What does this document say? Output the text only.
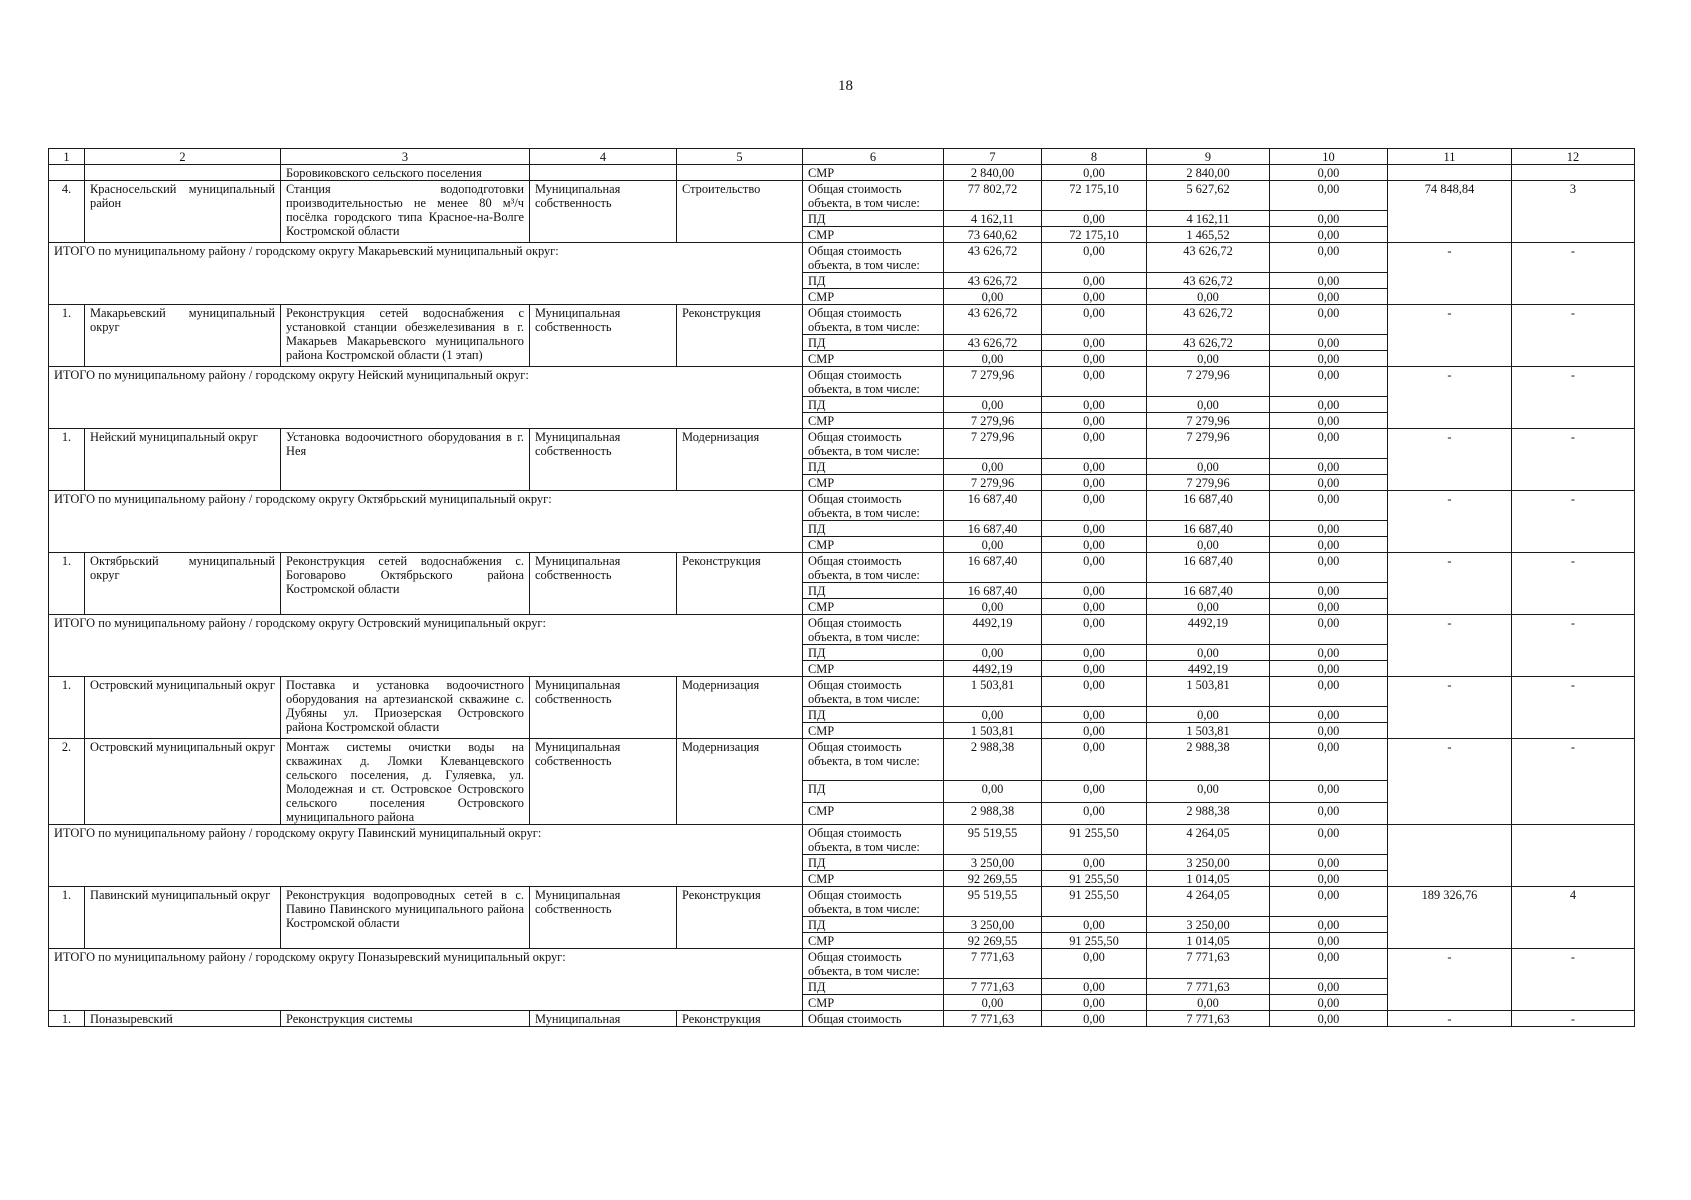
18
1	2	3	4	5	6	7	8	9	10	11	12
		Боровиковского сельского поселения			СМР	2 840,00	0,00	2 840,00	0,00		
4.	Красносельский муниципальный район	Станция водоподготовки производительностью не менее 80 м³/ч посёлка городского типа Красное-на-Волге Костромской области	Муниципальная собственность	Строительство	Общая стоимость объекта, в том числе:	77 802,72	72 175,10	5 627,62	0,00	74 848,84	3
					ПД	4 162,11	0,00	4 162,11	0,00		
					СМР	73 640,62	72 175,10	1 465,52	0,00		
ИТОГО по муниципальному району / городскому округу Макарьевский муниципальный округ:					Общая стоимость объекта, в том числе:	43 626,72	0,00	43 626,72	0,00	-	-
					ПД	43 626,72	0,00	43 626,72	0,00		
					СМР	0,00	0,00	0,00	0,00		
1.	Макарьевский муниципальный округ	Реконструкция сетей водоснабжения с установкой станции обезжелезивания в г. Макарьев Макарьевского муниципального района Костромской области (1 этап)	Муниципальная собственность	Реконструкция	Общая стоимость объекта, в том числе:	43 626,72	0,00	43 626,72	0,00	-	-
					ПД	43 626,72	0,00	43 626,72	0,00		
					СМР	0,00	0,00	0,00	0,00		
ИТОГО по муниципальному району / городскому округу Нейский муниципальный округ:					Общая стоимость объекта, в том числе:	7 279,96	0,00	7 279,96	0,00	-	-
					ПД	0,00	0,00	0,00	0,00		
					СМР	7 279,96	0,00	7 279,96	0,00		
1.	Нейский муниципальный округ	Установка водоочистного оборудования в г. Нея	Муниципальная собственность	Модернизация	Общая стоимость объекта, в том числе:	7 279,96	0,00	7 279,96	0,00	-	-
					ПД	0,00	0,00	0,00	0,00		
					СМР	7 279,96	0,00	7 279,96	0,00		
ИТОГО по муниципальному району / городскому округу Октябрьский муниципальный округ:					Общая стоимость объекта, в том числе:	16 687,40	0,00	16 687,40	0,00	-	-
					ПД	16 687,40	0,00	16 687,40	0,00		
					СМР	0,00	0,00	0,00	0,00		
1.	Октябрьский муниципальный округ	Реконструкция сетей водоснабжения с. Боговарово Октябрьского района Костромской области	Муниципальная собственность	Реконструкция	Общая стоимость объекта, в том числе:	16 687,40	0,00	16 687,40	0,00	-	-
					ПД	16 687,40	0,00	16 687,40	0,00		
					СМР	0,00	0,00	0,00	0,00		
ИТОГО по муниципальному району / городскому округу Островский муниципальный округ:					Общая стоимость объекта, в том числе:	4492,19	0,00	4492,19	0,00	-	-
					ПД	0,00	0,00	0,00	0,00		
					СМР	4492,19	0,00	4492,19	0,00		
1.	Островский муниципальный округ	Поставка и установка водоочистного оборудования на артезианской скважине с. Дубяны ул. Приозерская Островского района Костромской области	Муниципальная собственность	Модернизация	Общая стоимость объекта, в том числе:	1 503,81	0,00	1 503,81	0,00	-	-
					ПД	0,00	0,00	0,00	0,00		
					СМР	1 503,81	0,00	1 503,81	0,00		
2.	Островский муниципальный округ	Монтаж системы очистки воды на скважинах д. Ломки Клеванцевского сельского поселения, д. Гуляевка, ул. Молодежная и ст. Островское Островского сельского поселения Островского муниципального района	Муниципальная собственность	Модернизация	Общая стоимость объекта, в том числе:	2 988,38	0,00	2 988,38	0,00	-	-
					ПД	0,00	0,00	0,00	0,00		
					СМР	2 988,38	0,00	2 988,38	0,00		
ИТОГО по муниципальному району / городскому округу Павинский муниципальный округ:					Общая стоимость объекта, в том числе:	95 519,55	91 255,50	4 264,05	0,00		
					ПД	3 250,00	0,00	3 250,00	0,00		
					СМР	92 269,55	91 255,50	1 014,05	0,00		
1.	Павинский муниципальный округ	Реконструкция водопроводных сетей в с. Павино Павинского муниципального района Костромской области	Муниципальная собственность	Реконструкция	Общая стоимость объекта, в том числе:	95 519,55	91 255,50	4 264,05	0,00	189 326,76	4
					ПД	3 250,00	0,00	3 250,00	0,00		
					СМР	92 269,55	91 255,50	1 014,05	0,00		
ИТОГО по муниципальному району / городскому округу Поназыревский муниципальный округ:					Общая стоимость объекта, в том числе:	7 771,63	0,00	7 771,63	0,00	-	-
					ПД	7 771,63	0,00	7 771,63	0,00		
					СМР	0,00	0,00	0,00	0,00		
1.	Поназыревский	Реконструкция системы	Муниципальная	Реконструкция	Общая стоимость	7 771,63	0,00	7 771,63	0,00	-	-
